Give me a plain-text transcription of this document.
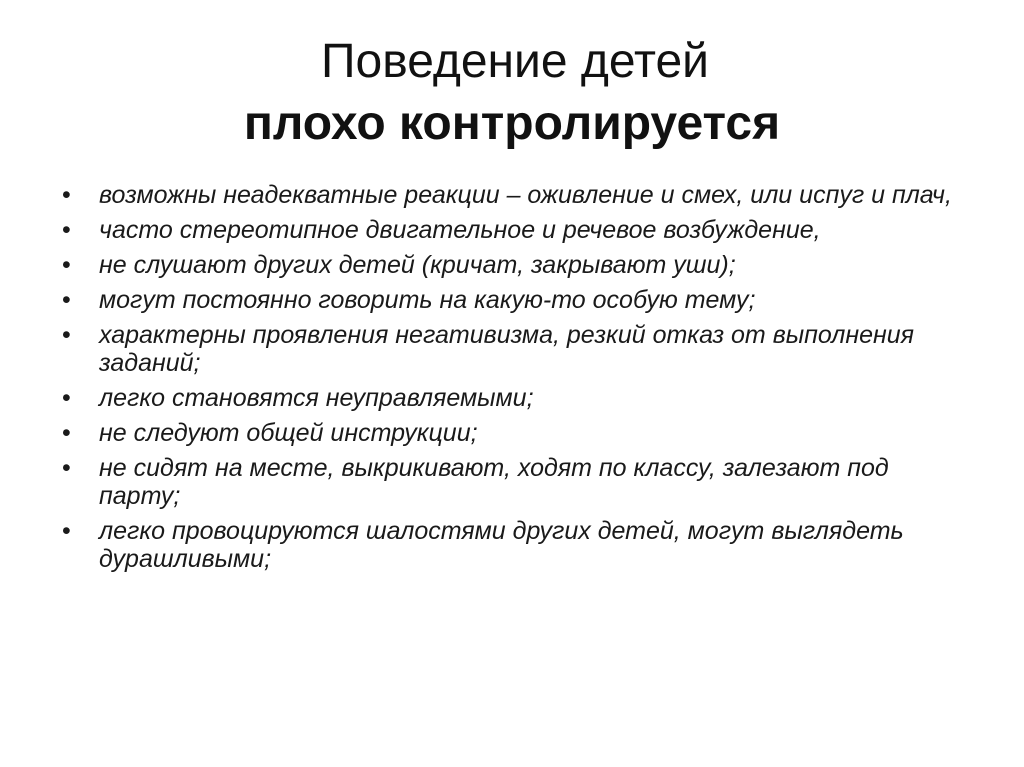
Поведение детей
плохо контролируется
• возможны неадекватные реакции – оживление и смех, или испуг и плач,
• часто стереотипное двигательное и речевое возбуждение,
• не слушают других детей (кричат, закрывают уши);
• могут постоянно говорить на какую-то особую тему;
• характерны проявления негативизма, резкий отказ от выполнения заданий;
• легко становятся неуправляемыми;
• не следуют общей инструкции;
• не сидят на месте, выкрикивают, ходят по классу, залезают под парту;
• легко провоцируются шалостями других детей, могут выглядеть дурашливыми;
